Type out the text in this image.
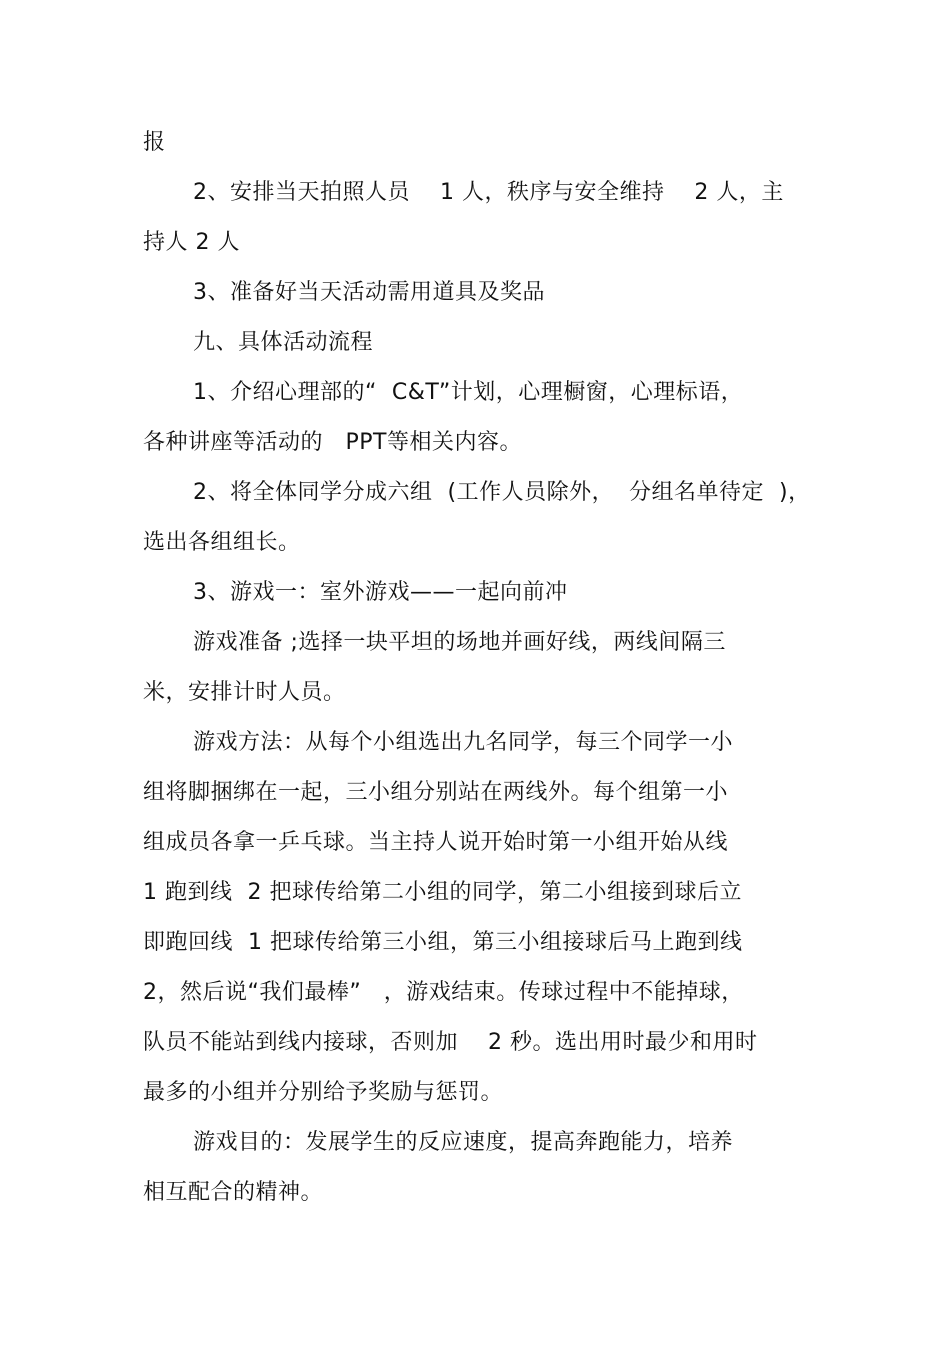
报
2、安排当天拍照人员    1 人，秩序与安全维持    2 人，主
持人 2 人
3、准备好当天活动需用道具及奖品
九、具体活动流程
1、介绍心理部的“  C&T”计划，心理橱窗，心理标语，
各种讲座等活动的   PPT等相关内容。
2、将全体同学分成六组  (工作人员除外，  分组名单待定  )，
选出各组组长。
3、游戏一：室外游戏——一起向前冲
游戏准备 ;选择一块平坦的场地并画好线，两线间隔三
米，安排计时人员。
游戏方法：从每个小组选出九名同学，每三个同学一小
组将脚捆绑在一起，三小组分别站在两线外。每个组第一小
组成员各拿一乒乓球。当主持人说开始时第一小组开始从线
1 跑到线  2 把球传给第二小组的同学，第二小组接到球后立
即跑回线  1 把球传给第三小组，第三小组接球后马上跑到线
2，然后说“我们最棒”   ，游戏结束。传球过程中不能掉球，
队员不能站到线内接球，否则加    2 秒。选出用时最少和用时
最多的小组并分别给予奖励与惩罚。
游戏目的：发展学生的反应速度，提高奔跑能力，培养
相互配合的精神。
